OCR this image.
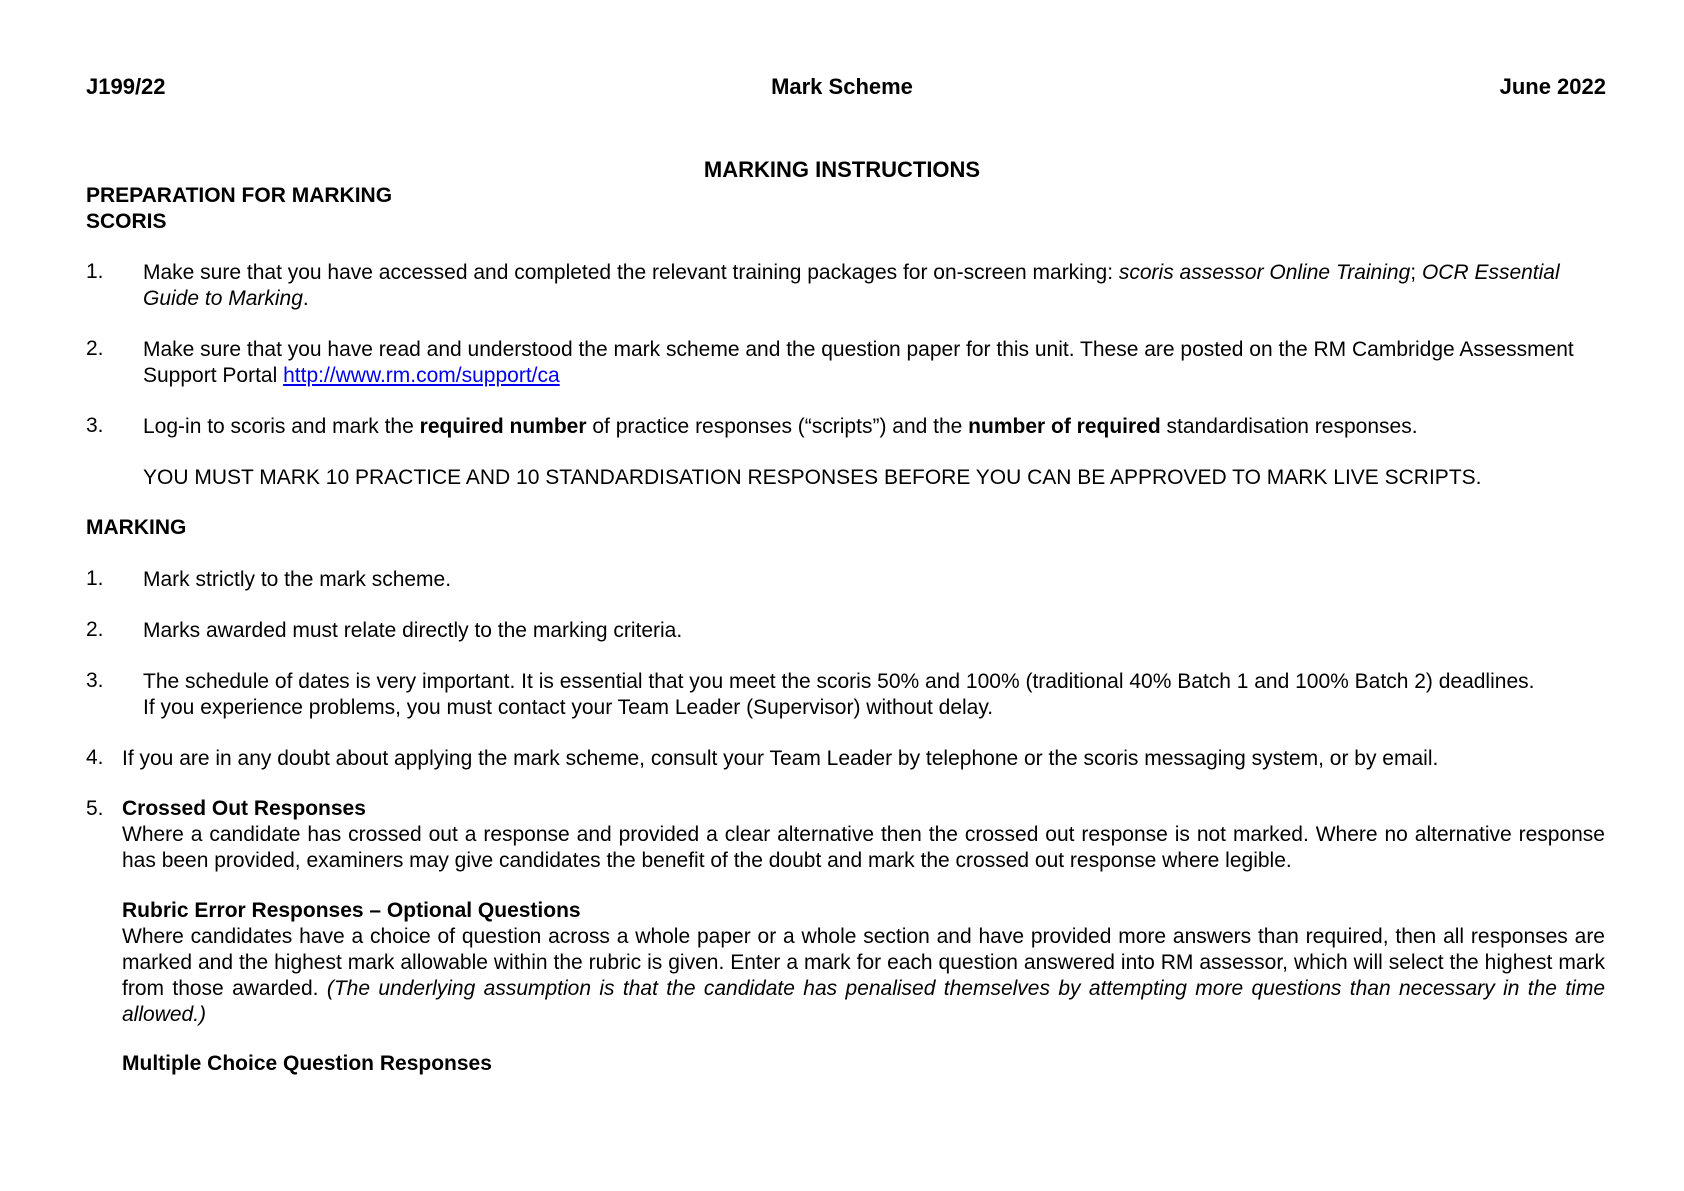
J199/22	Mark Scheme	June 2022
MARKING INSTRUCTIONS
PREPARATION FOR MARKING
SCORIS
1. Make sure that you have accessed and completed the relevant training packages for on-screen marking: scoris assessor Online Training; OCR Essential Guide to Marking.
2. Make sure that you have read and understood the mark scheme and the question paper for this unit. These are posted on the RM Cambridge Assessment Support Portal http://www.rm.com/support/ca
3. Log-in to scoris and mark the required number of practice responses (“scripts”) and the number of required standardisation responses.
YOU MUST MARK 10 PRACTICE AND 10 STANDARDISATION RESPONSES BEFORE YOU CAN BE APPROVED TO MARK LIVE SCRIPTS.
MARKING
1. Mark strictly to the mark scheme.
2. Marks awarded must relate directly to the marking criteria.
3. The schedule of dates is very important. It is essential that you meet the scoris 50% and 100% (traditional 40% Batch 1 and 100% Batch 2) deadlines. If you experience problems, you must contact your Team Leader (Supervisor) without delay.
4. If you are in any doubt about applying the mark scheme, consult your Team Leader by telephone or the scoris messaging system, or by email.
5. Crossed Out Responses
Where a candidate has crossed out a response and provided a clear alternative then the crossed out response is not marked. Where no alternative response has been provided, examiners may give candidates the benefit of the doubt and mark the crossed out response where legible.
Rubric Error Responses – Optional Questions
Where candidates have a choice of question across a whole paper or a whole section and have provided more answers than required, then all responses are marked and the highest mark allowable within the rubric is given. Enter a mark for each question answered into RM assessor, which will select the highest mark from those awarded. (The underlying assumption is that the candidate has penalised themselves by attempting more questions than necessary in the time allowed.)
Multiple Choice Question Responses
